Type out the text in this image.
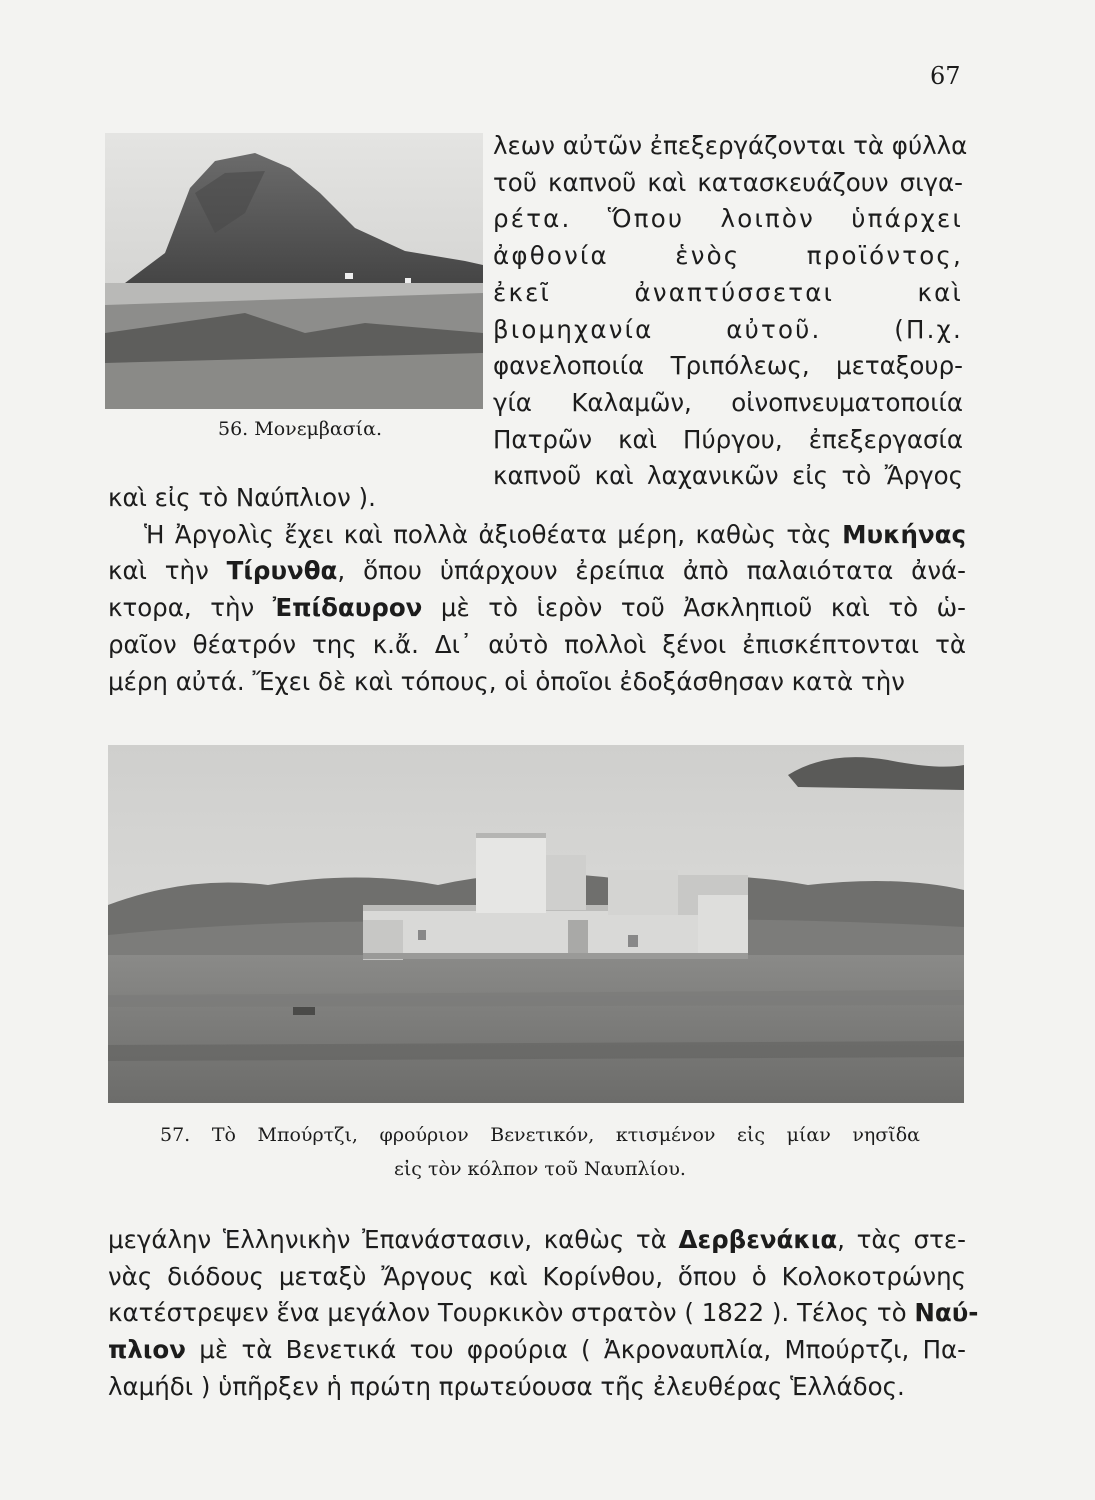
67
56. Μονεμβασία.
λεων αὐτῶν ἐπεξεργάζονται τὰ φύλλα
τοῦ καπνοῦ καὶ κατασκευάζουν σιγα-
ρέτα. Ὅπου λοιπὸν ὑπάρχει
ἀφθονία ἑνὸς προϊόντος,
ἐκεῖ ἀναπτύσσεται καὶ
βιομηχανία αὐτοῦ. (Π.χ.
φανελοποιία Τριπόλεως, μεταξουρ-
γία Καλαμῶν, οἰνοπνευματοποιία
Πατρῶν καὶ Πύργου, ἐπεξεργασία
καπνοῦ καὶ λαχανικῶν εἰς τὸ Ἄργος
καὶ εἰς τὸ Ναύπλιον ).
Ἡ Ἀργολὶς ἔχει καὶ πολλὰ ἀξιοθέατα μέρη, καθὼς τὰς Μυκήνας
καὶ τὴν Τίρυνθα, ὅπου ὑπάρχουν ἐρείπια ἀπὸ παλαιότατα ἀνά-
κτορα, τὴν Ἐπίδαυρον μὲ τὸ ἱερὸν τοῦ Ἀσκληπιοῦ καὶ τὸ ὡ-
ραῖον θέατρόν της κ.ἄ. Δι᾽ αὐτὸ πολλοὶ ξένοι ἐπισκέπτονται τὰ
μέρη αὐτά. Ἔχει δὲ καὶ τόπους, οἱ ὁποῖοι ἐδοξάσθησαν κατὰ τὴν
57. Τὸ Μπούρτζι, φρούριον Βενετικόν, κτισμένον εἰς μίαν νησῖδα
εἰς τὸν κόλπον τοῦ Ναυπλίου.
μεγάλην Ἑλληνικὴν Ἐπανάστασιν, καθὼς τὰ Δερβενάκια, τὰς στε-
νὰς διόδους μεταξὺ Ἄργους καὶ Κορίνθου, ὅπου ὁ Κολοκοτρώνης
κατέστρεψεν ἕνα μεγάλον Τουρκικὸν στρατὸν ( 1822 ). Τέλος τὸ Ναύ-
πλιον μὲ τὰ Βενετικά του φρούρια ( Ἀκροναυπλία, Μπούρτζι, Πα-
λαμήδι ) ὑπῆρξεν ἡ πρώτη πρωτεύουσα τῆς ἐλευθέρας Ἑλλάδος.
